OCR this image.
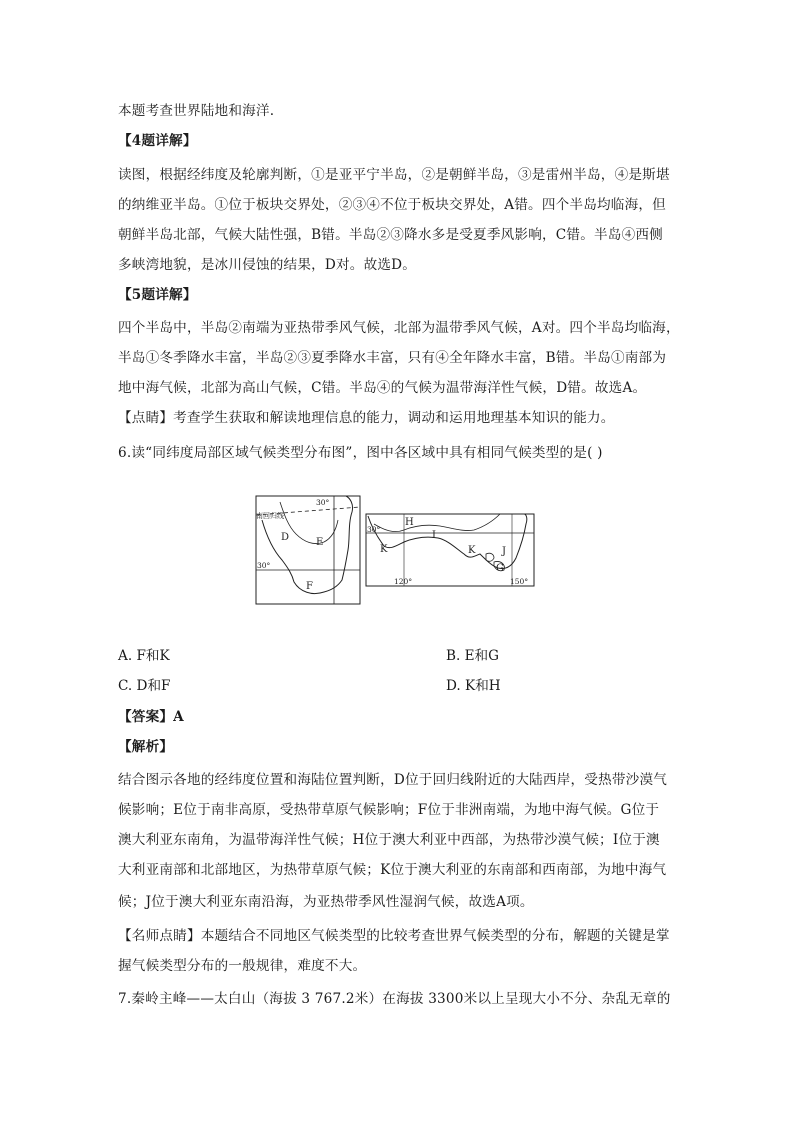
本题考查世界陆地和海洋.
【4题详解】
读图，根据经纬度及轮廓判断，①是亚平宁半岛，②是朝鲜半岛，③是雷州半岛，④是斯堪
的纳维亚半岛。①位于板块交界处，②③④不位于板块交界处，A错。四个半岛均临海，但
朝鲜半岛北部，气候大陆性强，B错。半岛②③降水多是受夏季风影响，C错。半岛④西侧
多峡湾地貌，是冰川侵蚀的结果，D对。故选D。
【5题详解】
四个半岛中，半岛②南端为亚热带季风气候，北部为温带季风气候，A对。四个半岛均临海，
半岛①冬季降水丰富，半岛②③夏季降水丰富，只有④全年降水丰富，B错。半岛①南部为
地中海气候，北部为高山气候，C错。半岛④的气候为温带海洋性气候，D错。故选A。
【点睛】考查学生获取和解读地理信息的能力，调动和运用地理基本知识的能力。
6.读“同纬度局部区域气候类型分布图”，图中各区域中具有相同气候类型的是( )
南回归线
30°
30°
D	E
F
30°
H
I
K	K	J
G
120°	150°
A. F和K	B. E和G
C. D和F	D. K和H
【答案】A
【解析】
结合图示各地的经纬度位置和海陆位置判断，D位于回归线附近的大陆西岸，受热带沙漠气
候影响；E位于南非高原，受热带草原气候影响；F位于非洲南端，为地中海气候。G位于
澳大利亚东南角，为温带海洋性气候；H位于澳大利亚中西部，为热带沙漠气候；I位于澳
大利亚南部和北部地区，为热带草原气候；K位于澳大利亚的东南部和西南部，为地中海气
候；J位于澳大利亚东南沿海，为亚热带季风性湿润气候，故选A项。
【名师点睛】本题结合不同地区气候类型的比较考查世界气候类型的分布，解题的关键是掌
握气候类型分布的一般规律，难度不大。
7.秦岭主峰——太白山（海拔 3 767.2米）在海拔 3300米以上呈现大小不分、杂乱无章的
